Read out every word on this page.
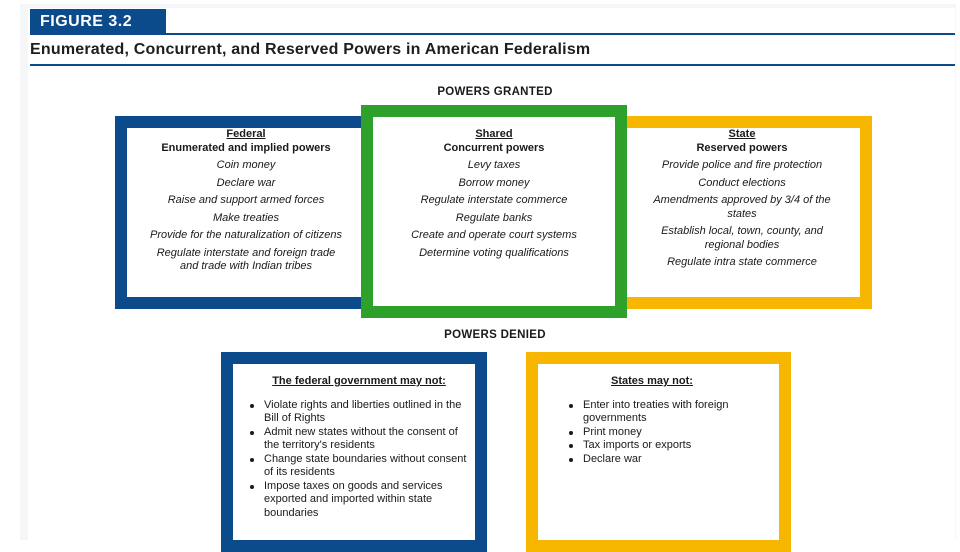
FIGURE 3.2
Enumerated, Concurrent, and Reserved Powers in American Federalism
POWERS GRANTED
Federal
Enumerated and implied powers
Coin money
Declare war
Raise and support armed forces
Make treaties
Provide for the naturalization of citizens
Regulate interstate and foreign trade and trade with Indian tribes
Shared
Concurrent powers
Levy taxes
Borrow money
Regulate interstate commerce
Regulate banks
Create and operate court systems
Determine voting qualifications
State
Reserved powers
Provide police and fire protection
Conduct elections
Amendments approved by 3/4 of the states
Establish local, town, county, and regional bodies
Regulate intra state commerce
POWERS DENIED
The federal government may not:
Violate rights and liberties outlined in the Bill of Rights
Admit new states without the consent of the territory's residents
Change state boundaries without consent of its residents
Impose taxes on goods and services exported and imported within state boundaries
States may not:
Enter into treaties with foreign governments
Print money
Tax imports or exports
Declare war
